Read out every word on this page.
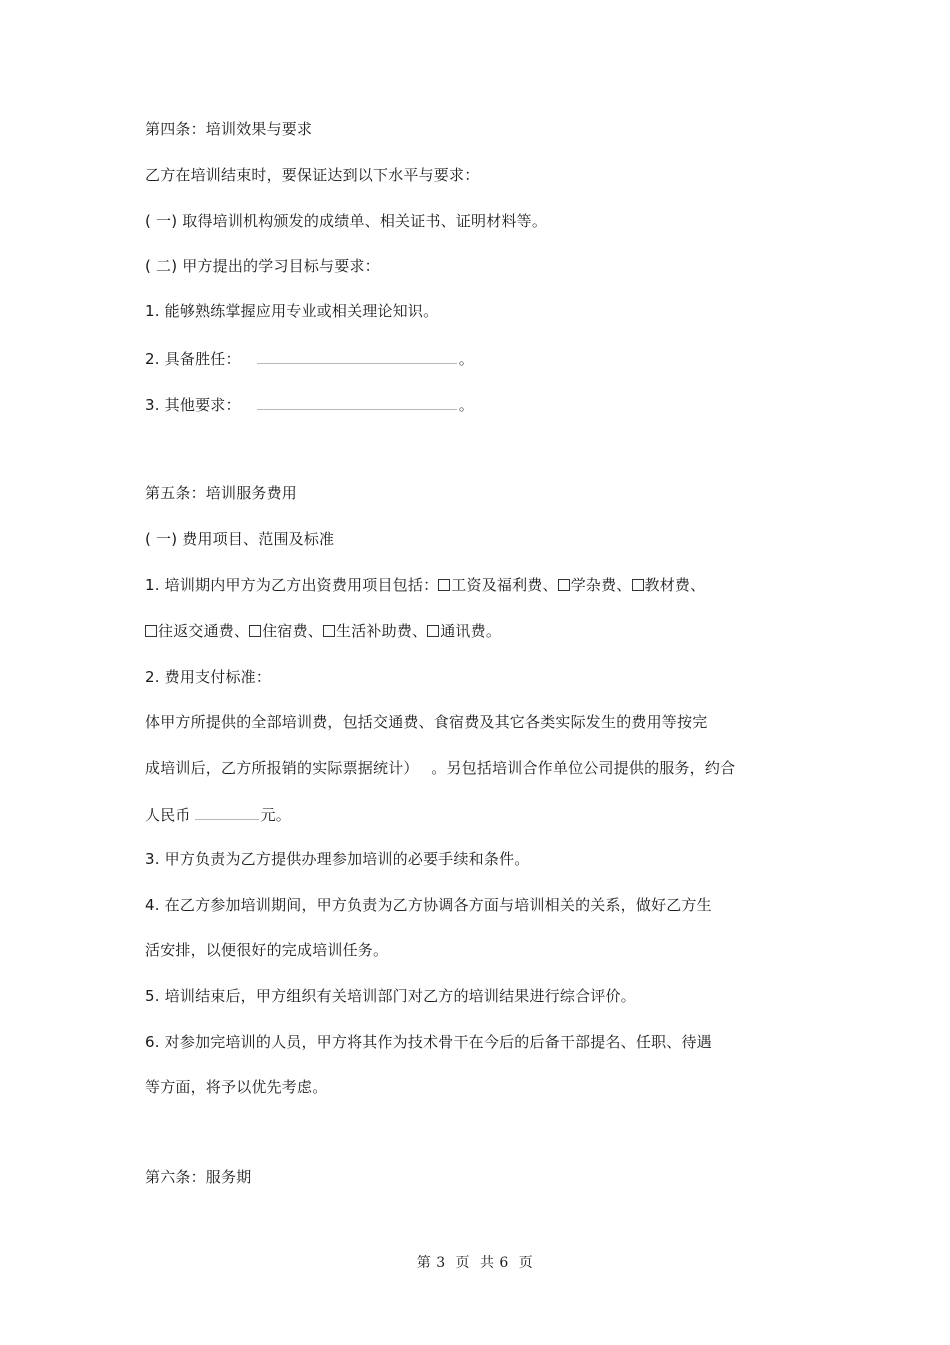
第四条：培训效果与要求
乙方在培训结束时，要保证达到以下水平与要求：
( 一) 取得培训机构颁发的成绩单、相关证书、证明材料等。
( 二) 甲方提出的学习目标与要求：
1. 能够熟练掌握应用专业或相关理论知识。
2. 具备胜任：	。
3. 其他要求：	。
第五条：培训服务费用
( 一) 费用项目、范围及标准
1. 培训期内甲方为乙方出资费用项目包括： 工资及福利费、 学杂费、 教材费、
往返交通费、 住宿费、 生活补助费、 通讯费。
2. 费用支付标准：
体甲方所提供的全部培训费，包括交通费、食宿费及其它各类实际发生的费用等按完
成培训后，乙方所报销的实际票据统计）　 。另包括培训合作单位公司提供的服务，约合
人民币	元。
3. 甲方负责为乙方提供办理参加培训的必要手续和条件。
4. 在乙方参加培训期间，甲方负责为乙方协调各方面与培训相关的关系，做好乙方生
活安排，以便很好的完成培训任务。
5. 培训结束后，甲方组织有关培训部门对乙方的培训结果进行综合评价。
6. 对参加完培训的人员，甲方将其作为技术骨干在今后的后备干部提名、任职、待遇
等方面，将予以优先考虑。
第六条：服务期
第 3  页  共 6  页
